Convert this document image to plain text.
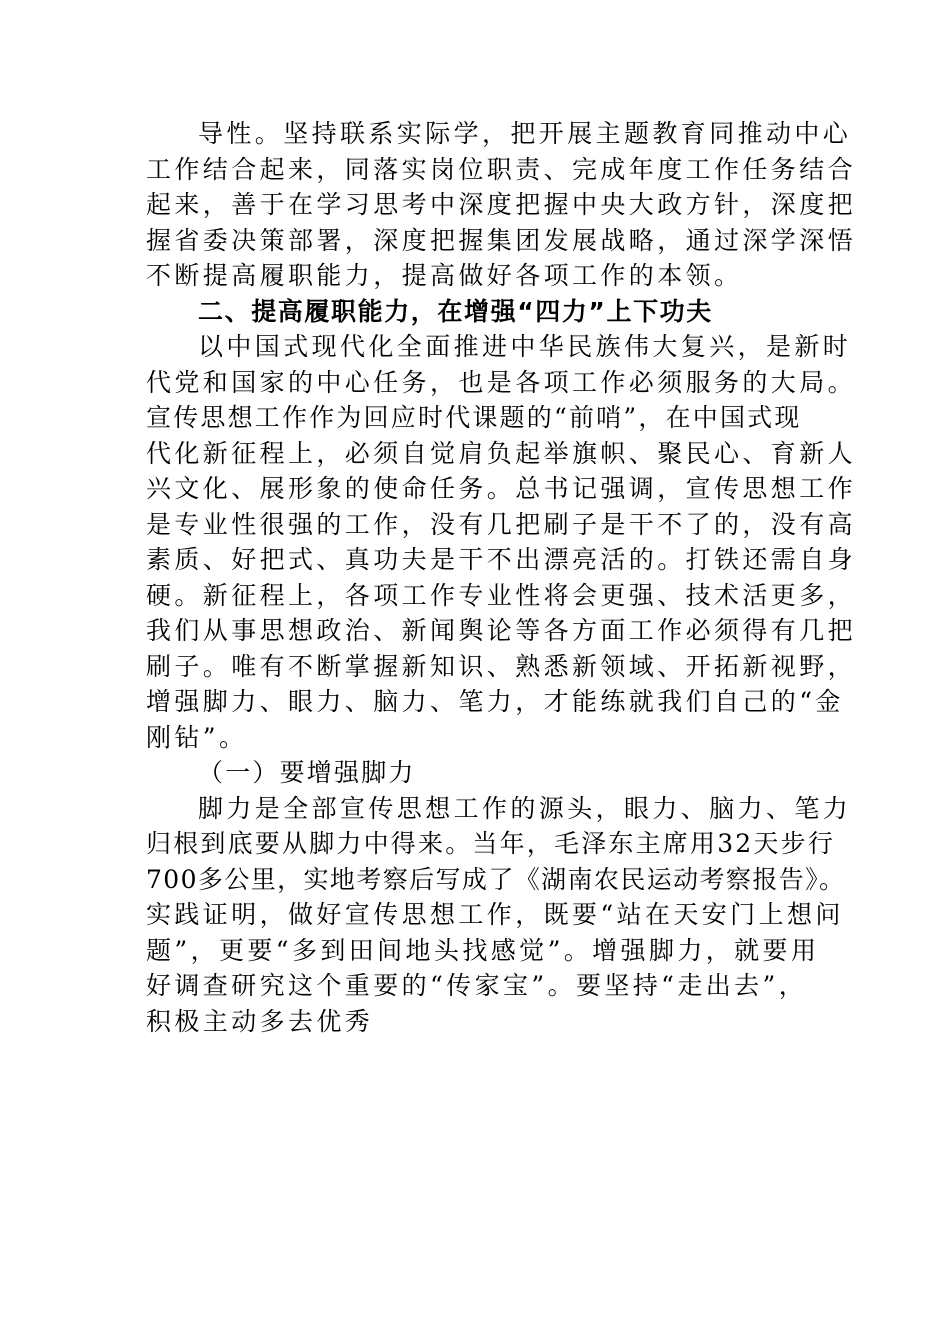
导性。坚持联系实际学，把开展主题教育同推动中心
工作结合起来，同落实岗位职责、完成年度工作任务结合
起来，善于在学习思考中深度把握中央大政方针，深度把
握省委决策部署，深度把握集团发展战略，通过深学深悟
不断提高履职能力，提高做好各项工作的本领。
二、提高履职能力，在增强“四力”上下功夫
以中国式现代化全面推进中华民族伟大复兴，是新时
代党和国家的中心任务，也是各项工作必须服务的大局。
宣传思想工作作为回应时代课题的“前哨”，在中国式现
代化新征程上，必须自觉肩负起举旗帜、聚民心、育新人
兴文化、展形象的使命任务。总书记强调，宣传思想工作
是专业性很强的工作，没有几把刷子是干不了的，没有高
素质、好把式、真功夫是干不出漂亮活的。打铁还需自身
硬。新征程上，各项工作专业性将会更强、技术活更多，
我们从事思想政治、新闻舆论等各方面工作必须得有几把
刷子。唯有不断掌握新知识、熟悉新领域、开拓新视野，
增强脚力、眼力、脑力、笔力，才能练就我们自己的“金
刚钻”。
（一）要增强脚力
脚力是全部宣传思想工作的源头，眼力、脑力、笔力
归根到底要从脚力中得来。当年，毛泽东主席用32天步行
700多公里，实地考察后写成了《湖南农民运动考察报告》。
实践证明，做好宣传思想工作，既要“站在天安门上想问
题”，更要“多到田间地头找感觉”。增强脚力，就要用
好调查研究这个重要的“传家宝”。要坚持“走出去”，
积极主动多去优秀
